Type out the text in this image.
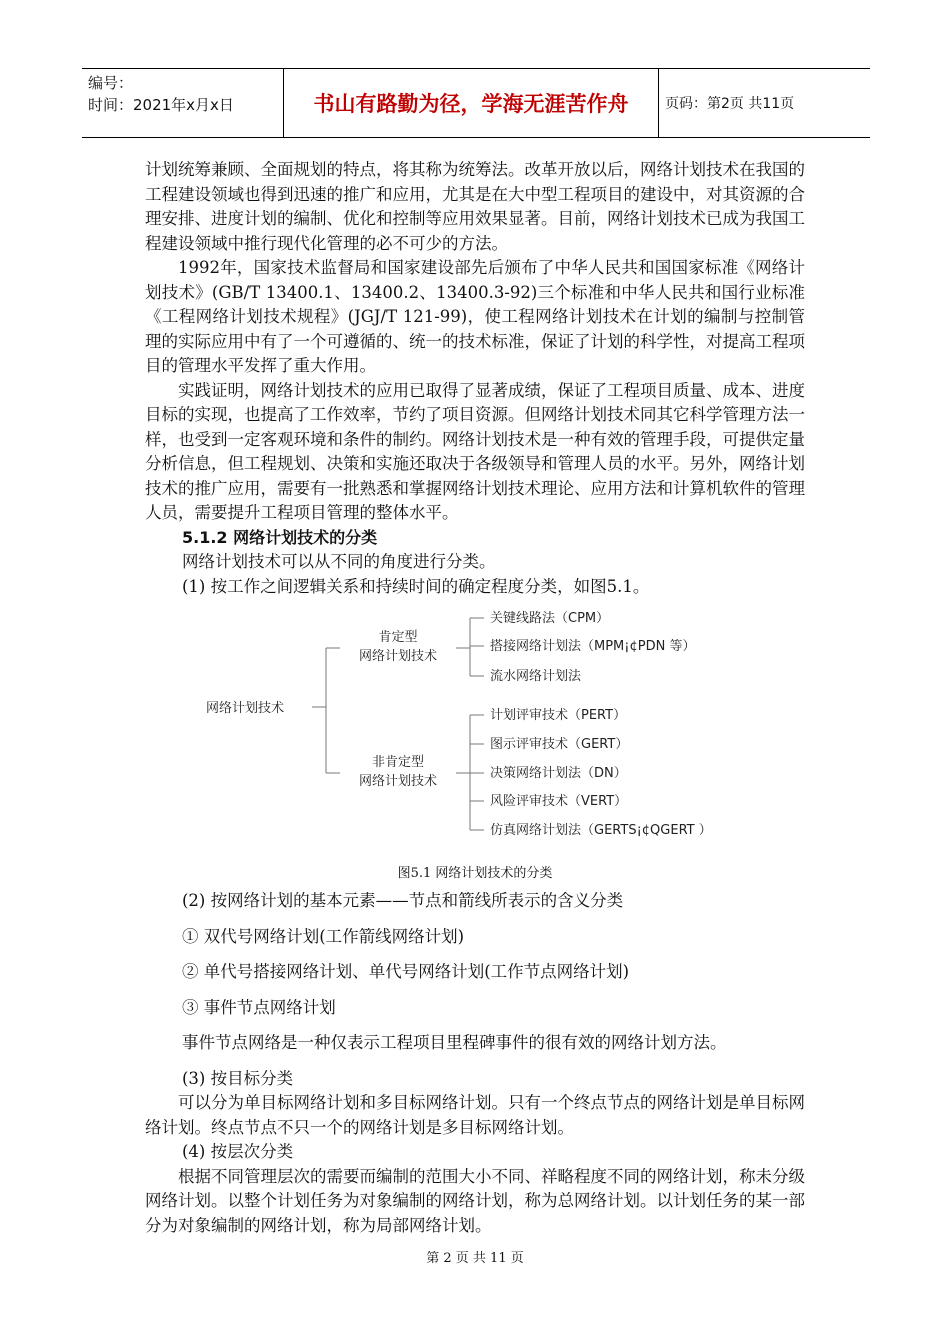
编号：
时间：2021年x月x日	书山有路勤为径，学海无涯苦作舟	页码：第2页 共11页

计划统筹兼顾、全面规划的特点，将其称为统筹法。改革开放以后，网络计划技术在我国的工程建设领域也得到迅速的推广和应用，尤其是在大中型工程项目的建设中，对其资源的合理安排、进度计划的编制、优化和控制等应用效果显著。目前，网络计划技术已成为我国工程建设领域中推行现代化管理的必不可少的方法。

1992年，国家技术监督局和国家建设部先后颁布了中华人民共和国国家标准《网络计划技术》(GB/T 13400.1、13400.2、13400.3-92)三个标准和中华人民共和国行业标准《工程网络计划技术规程》(JGJ/T 121-99)，使工程网络计划技术在计划的编制与控制管理的实际应用中有了一个可遵循的、统一的技术标准，保证了计划的科学性，对提高工程项目的管理水平发挥了重大作用。

实践证明，网络计划技术的应用已取得了显著成绩，保证了工程项目质量、成本、进度目标的实现，也提高了工作效率，节约了项目资源。但网络计划技术同其它科学管理方法一样，也受到一定客观环境和条件的制约。网络计划技术是一种有效的管理手段，可提供定量分析信息，但工程规划、决策和实施还取决于各级领导和管理人员的水平。另外，网络计划技术的推广应用，需要有一批熟悉和掌握网络计划技术理论、应用方法和计算机软件的管理人员，需要提升工程项目管理的整体水平。

5.1.2 网络计划技术的分类

网络计划技术可以从不同的角度进行分类。

(1) 按工作之间逻辑关系和持续时间的确定程度分类，如图5.1。

网络计划技术
肯定型
网络计划技术
非肯定型
网络计划技术
关键线路法（CPM）
搭接网络计划法（MPM¡¢PDN 等）
流水网络计划法
计划评审技术（PERT）
图示评审技术（GERT）
决策网络计划法（DN）
风险评审技术（VERT）
仿真网络计划法（GERTS¡¢QGERT ）
图5.1 网络计划技术的分类

(2) 按网络计划的基本元素——节点和箭线所表示的含义分类

① 双代号网络计划(工作箭线网络计划)

② 单代号搭接网络计划、单代号网络计划(工作节点网络计划)

③ 事件节点网络计划

事件节点网络是一种仅表示工程项目里程碑事件的很有效的网络计划方法。

(3) 按目标分类

可以分为单目标网络计划和多目标网络计划。只有一个终点节点的网络计划是单目标网络计划。终点节点不只一个的网络计划是多目标网络计划。

(4) 按层次分类

根据不同管理层次的需要而编制的范围大小不同、祥略程度不同的网络计划，称未分级网络计划。以整个计划任务为对象编制的网络计划，称为总网络计划。以计划任务的某一部分为对象编制的网络计划，称为局部网络计划。

第 2 页 共 11 页
